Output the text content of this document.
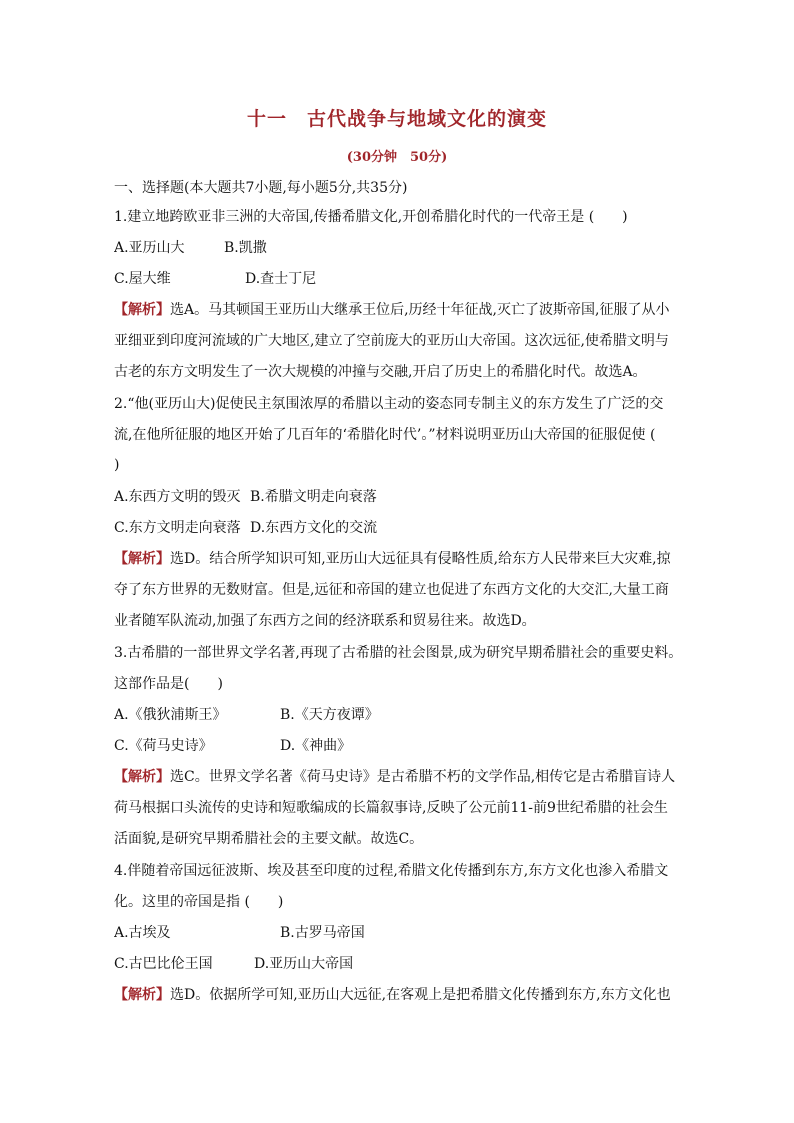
十一　古代战争与地域文化的演变
(30分钟　50分)
一、选择题(本大题共7小题,每小题5分,共35分)
1.建立地跨欧亚非三洲的大帝国,传播希腊文化,开创希腊化时代的一代帝王是 (　　)
A.亚历山大	B.凯撒
C.屋大维	D.查士丁尼
【解析】选A。马其顿国王亚历山大继承王位后,历经十年征战,灭亡了波斯帝国,征服了从小
亚细亚到印度河流域的广大地区,建立了空前庞大的亚历山大帝国。这次远征,使希腊文明与
古老的东方文明发生了一次大规模的冲撞与交融,开启了历史上的希腊化时代。故选A。
2.“他(亚历山大)促使民主氛围浓厚的希腊以主动的姿态同专制主义的东方发生了广泛的交
流,在他所征服的地区开始了几百年的‘希腊化时代’。”材料说明亚历山大帝国的征服促使 (
)
A.东西方文明的毁灭 B.希腊文明走向衰落
C.东方文明走向衰落 D.东西方文化的交流
【解析】选D。结合所学知识可知,亚历山大远征具有侵略性质,给东方人民带来巨大灾难,掠
夺了东方世界的无数财富。但是,远征和帝国的建立也促进了东西方文化的大交汇,大量工商
业者随军队流动,加强了东西方之间的经济联系和贸易往来。故选D。
3.古希腊的一部世界文学名著,再现了古希腊的社会图景,成为研究早期希腊社会的重要史料。
这部作品是(　　)
A.《俄狄浦斯王》	B.《天方夜谭》
C.《荷马史诗》	D.《神曲》
【解析】选C。世界文学名著《荷马史诗》是古希腊不朽的文学作品,相传它是古希腊盲诗人
荷马根据口头流传的史诗和短歌编成的长篇叙事诗,反映了公元前11-前9世纪希腊的社会生
活面貌,是研究早期希腊社会的主要文献。故选C。
4.伴随着帝国远征波斯、埃及甚至印度的过程,希腊文化传播到东方,东方文化也渗入希腊文
化。这里的帝国是指 (　　)
A.古埃及	B.古罗马帝国
C.古巴比伦王国	D.亚历山大帝国
【解析】选D。依据所学可知,亚历山大远征,在客观上是把希腊文化传播到东方,东方文化也
